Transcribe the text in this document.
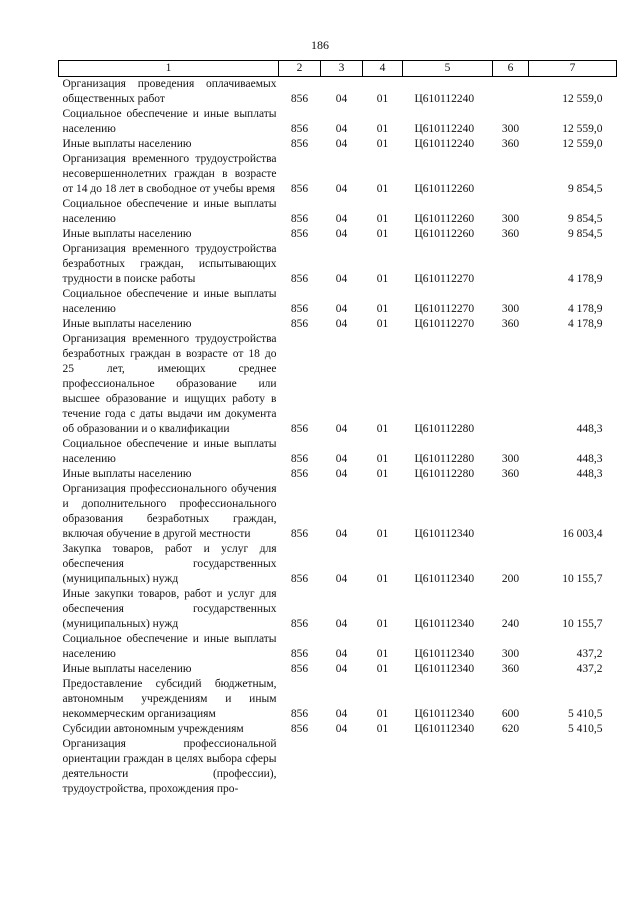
186
1	2	3	4	5	6	7
Организация проведения оплачиваемых общественных работ	856	04	01	Ц610112240		12 559,0
Социальное обеспечение и иные выплаты населению	856	04	01	Ц610112240	300	12 559,0
Иные выплаты населению	856	04	01	Ц610112240	360	12 559,0
Организация временного трудоустройства несовершеннолетних граждан в возрасте от 14 до 18 лет в свободное от учебы время	856	04	01	Ц610112260		9 854,5
Социальное обеспечение и иные выплаты населению	856	04	01	Ц610112260	300	9 854,5
Иные выплаты населению	856	04	01	Ц610112260	360	9 854,5
Организация временного трудоустройства безработных граждан, испытывающих трудности в поиске работы	856	04	01	Ц610112270		4 178,9
Социальное обеспечение и иные выплаты населению	856	04	01	Ц610112270	300	4 178,9
Иные выплаты населению	856	04	01	Ц610112270	360	4 178,9
Организация временного трудоустройства безработных граждан в возрасте от 18 до 25 лет, имеющих среднее профессиональное образование или высшее образование и ищущих работу в течение года с даты выдачи им документа об образовании и о квалификации	856	04	01	Ц610112280		448,3
Социальное обеспечение и иные выплаты населению	856	04	01	Ц610112280	300	448,3
Иные выплаты населению	856	04	01	Ц610112280	360	448,3
Организация профессионального обучения и дополнительного профессионального образования безработных граждан, включая обучение в другой местности	856	04	01	Ц610112340		16 003,4
Закупка товаров, работ и услуг для обеспечения государственных (муниципальных) нужд	856	04	01	Ц610112340	200	10 155,7
Иные закупки товаров, работ и услуг для обеспечения государственных (муниципальных) нужд	856	04	01	Ц610112340	240	10 155,7
Социальное обеспечение и иные выплаты населению	856	04	01	Ц610112340	300	437,2
Иные выплаты населению	856	04	01	Ц610112340	360	437,2
Предоставление субсидий бюджетным, автономным учреждениям и иным некоммерческим организациям	856	04	01	Ц610112340	600	5 410,5
Субсидии автономным учреждениям	856	04	01	Ц610112340	620	5 410,5
Организация профессиональной ориентации граждан в целях выбора сферы деятельности (профессии), трудоустройства, прохождения про-						
